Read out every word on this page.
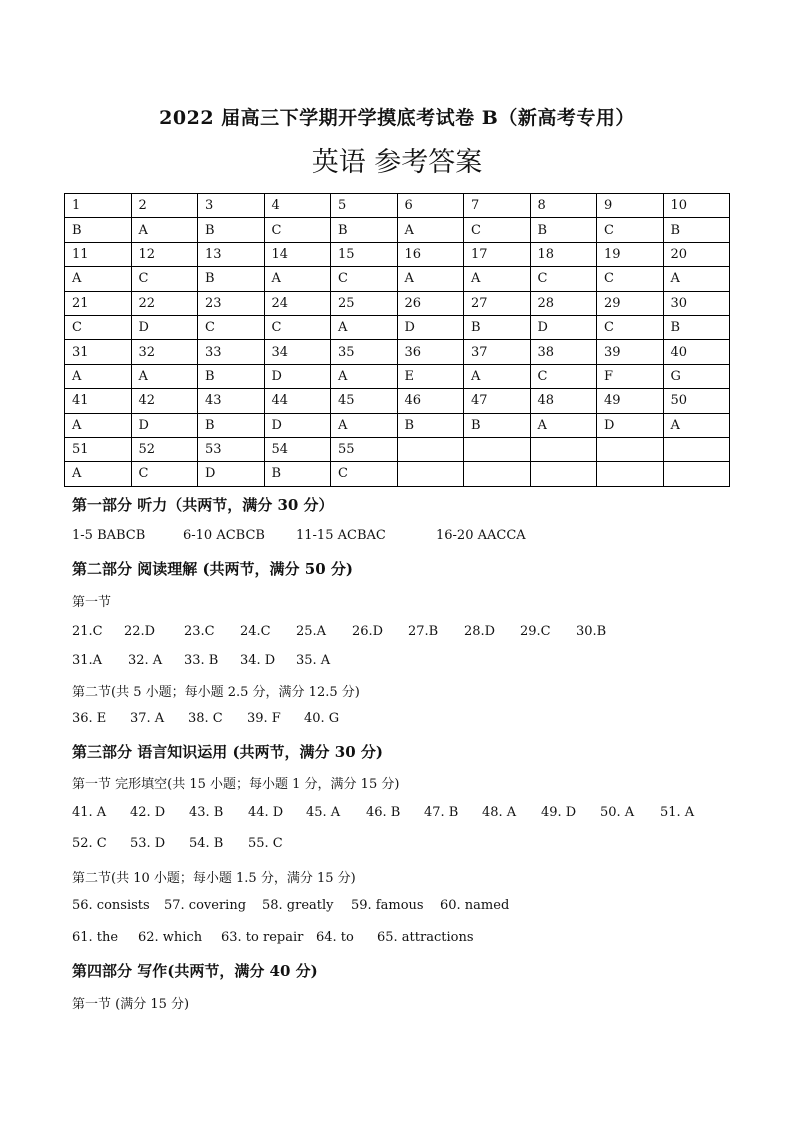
2022 届高三下学期开学摸底考试卷 B（新高考专用）
英语 参考答案
1	2	3	4	5	6	7	8	9	10
B	A	B	C	B	A	C	B	C	B
11	12	13	14	15	16	17	18	19	20
A	C	B	A	C	A	A	C	C	A
21	22	23	24	25	26	27	28	29	30
C	D	C	C	A	D	B	D	C	B
31	32	33	34	35	36	37	38	39	40
A	A	B	D	A	E	A	C	F	G
41	42	43	44	45	46	47	48	49	50
A	D	B	D	A	B	B	A	D	A
51	52	53	54	55					
A	C	D	B	C					
第一部分 听力（共两节，满分 30 分）
1-5 BABCB	6-10 ACBCB 11-15 ACBAC	16-20 AACCA
第二部分 阅读理解 (共两节，满分 50 分)
第一节
21.C 22.D 23.C 24.C 25.A 26.D 27.B 28.D 29.C 30.B
31.A 32. A 33. B 34. D 35. A
第二节(共 5 小题；每小题 2.5 分，满分 12.5 分)
36. E 37. A 38. C 39. F 40. G
第三部分 语言知识运用 (共两节，满分 30 分)
第一节 完形填空(共 15 小题；每小题 1 分，满分 15 分)
41. A 42. D 43. B 44. D 45. A 46. B 47. B 48. A 49. D 50. A 51. A
52. C 53. D 54. B 55. C
第二节(共 10 小题；每小题 1.5 分，满分 15 分)
56. consists 57. covering 58. greatly 59. famous 60. named
61. the 62. which 63. to repair 64. to 65. attractions
第四部分 写作(共两节，满分 40 分)
第一节 (满分 15 分)
